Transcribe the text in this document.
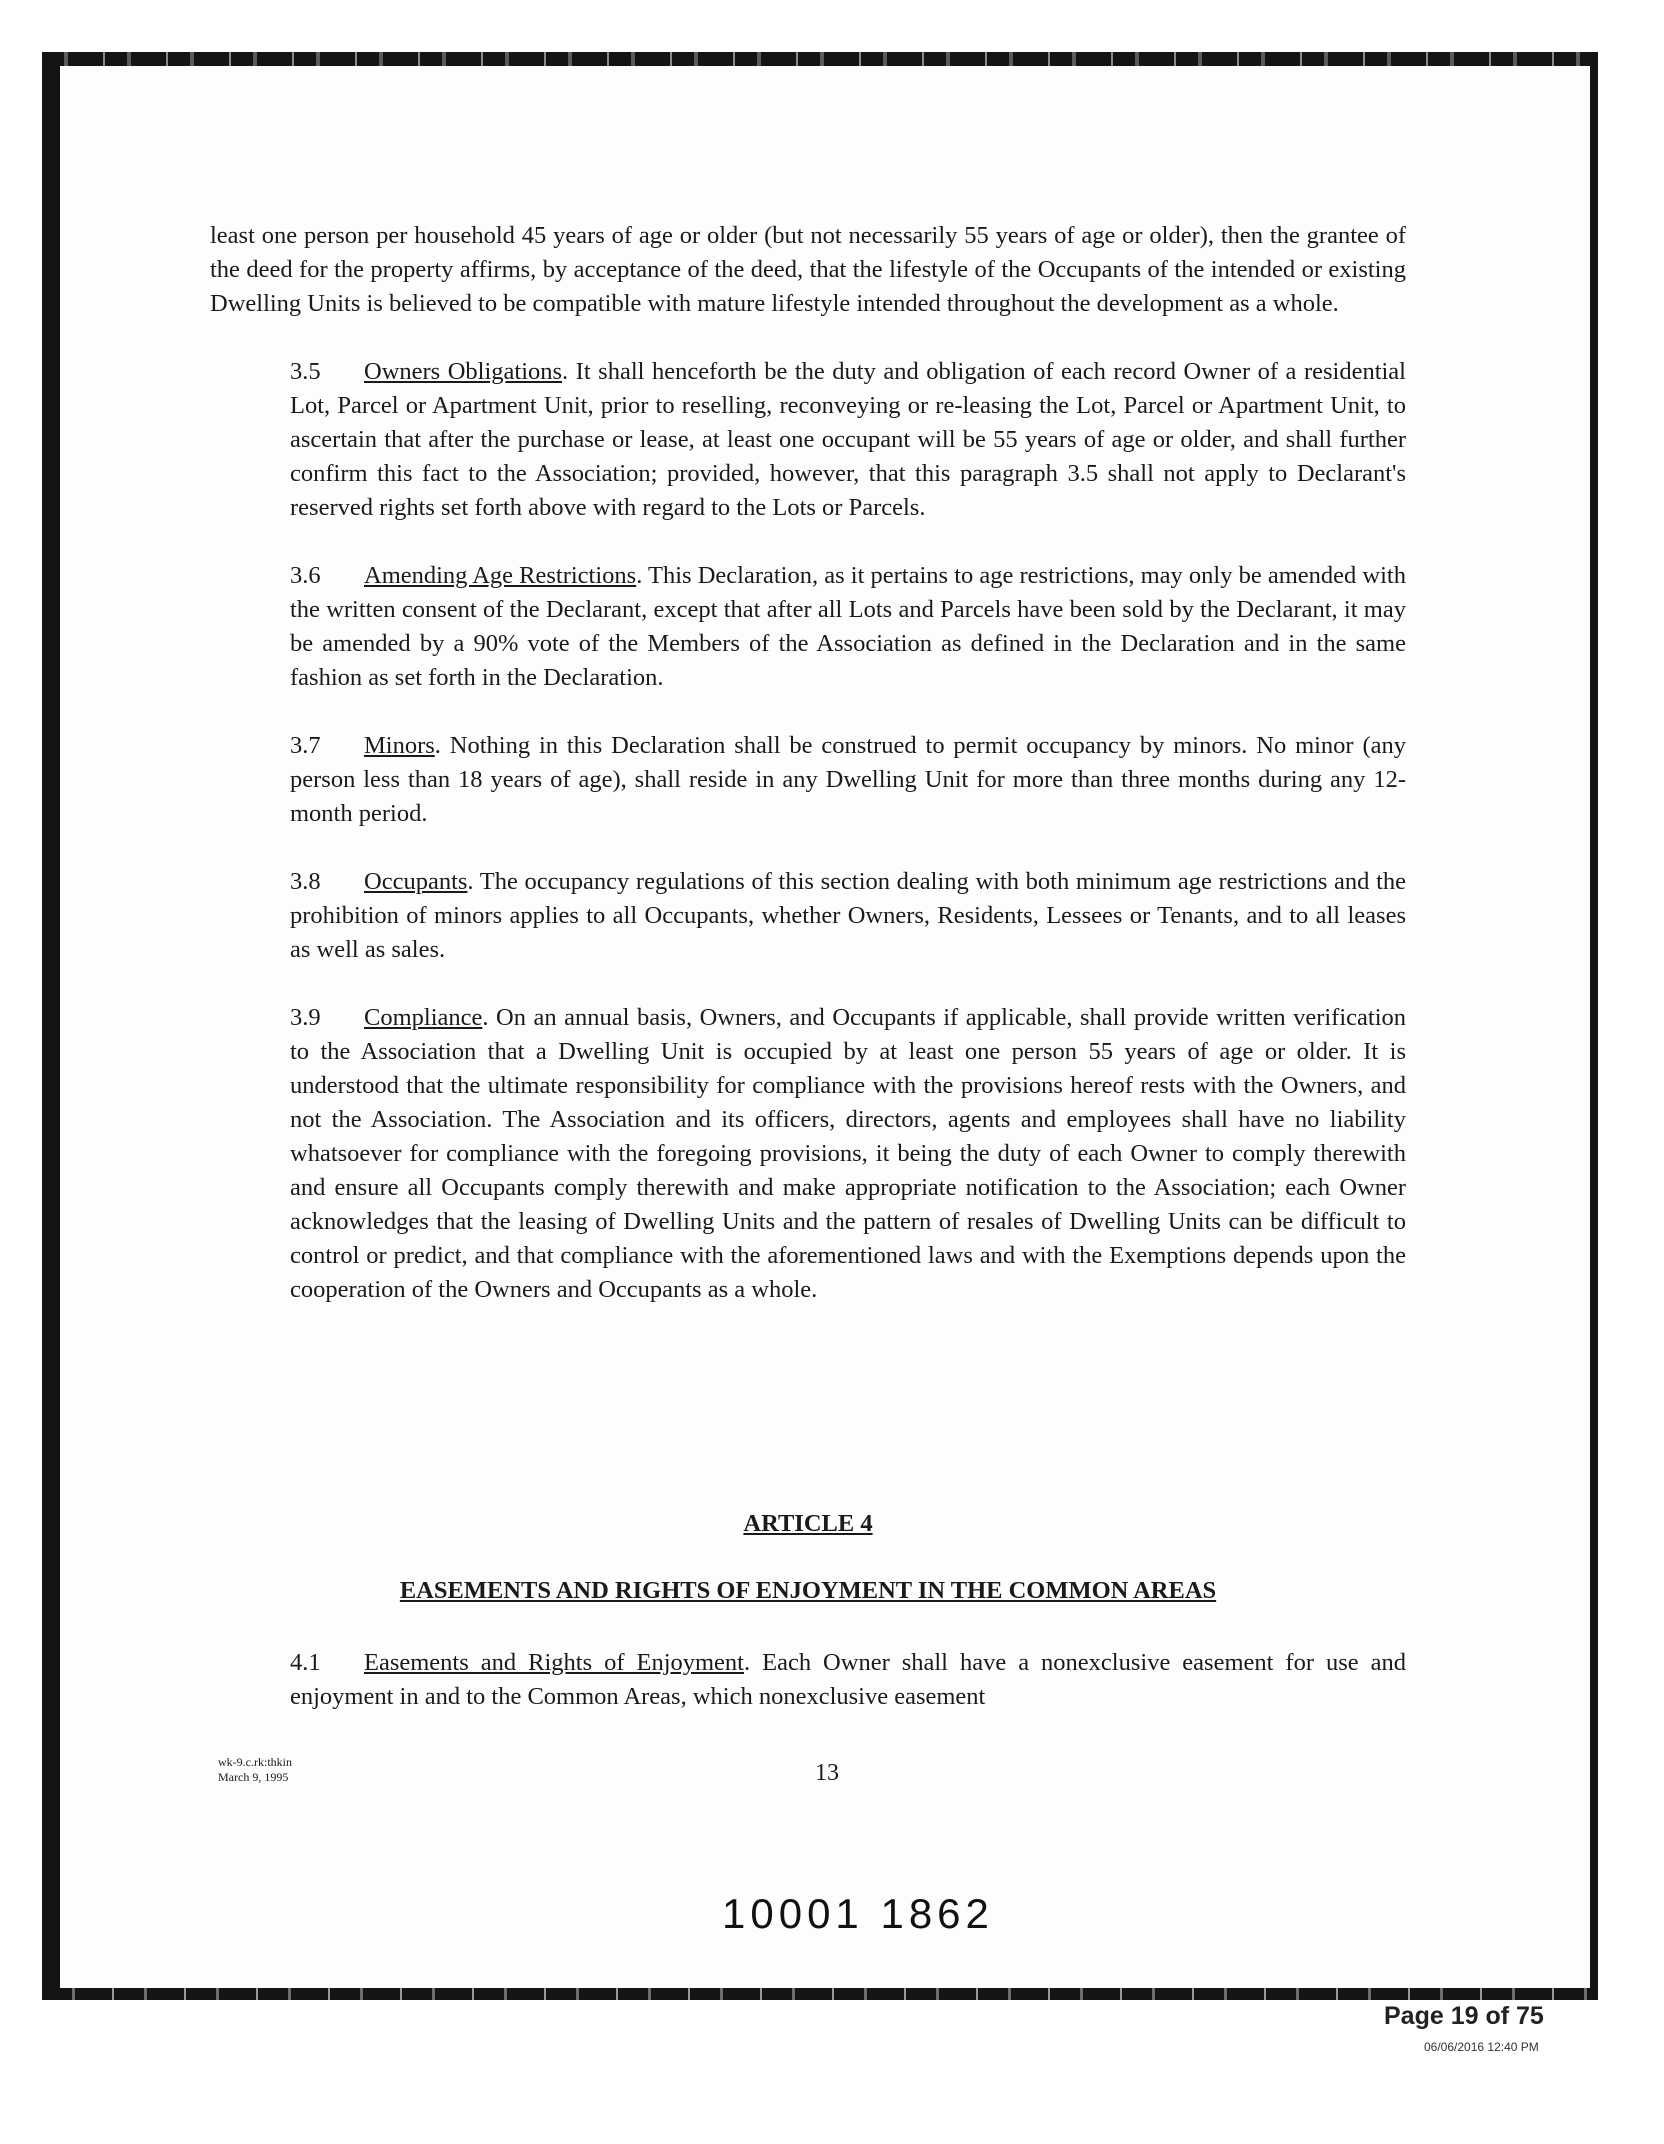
least one person per household 45 years of age or older (but not necessarily 55 years of age or older), then the grantee of the deed for the property affirms, by acceptance of the deed, that the lifestyle of the Occupants of the intended or existing Dwelling Units is believed to be compatible with mature lifestyle intended throughout the development as a whole.

3.5 Owners Obligations. It shall henceforth be the duty and obligation of each record Owner of a residential Lot, Parcel or Apartment Unit, prior to reselling, reconveying or re-leasing the Lot, Parcel or Apartment Unit, to ascertain that after the purchase or lease, at least one occupant will be 55 years of age or older, and shall further confirm this fact to the Association; provided, however, that this paragraph 3.5 shall not apply to Declarant's reserved rights set forth above with regard to the Lots or Parcels.

3.6 Amending Age Restrictions. This Declaration, as it pertains to age restrictions, may only be amended with the written consent of the Declarant, except that after all Lots and Parcels have been sold by the Declarant, it may be amended by a 90% vote of the Members of the Association as defined in the Declaration and in the same fashion as set forth in the Declaration.

3.7 Minors. Nothing in this Declaration shall be construed to permit occupancy by minors. No minor (any person less than 18 years of age), shall reside in any Dwelling Unit for more than three months during any 12-month period.

3.8 Occupants. The occupancy regulations of this section dealing with both minimum age restrictions and the prohibition of minors applies to all Occupants, whether Owners, Residents, Lessees or Tenants, and to all leases as well as sales.

3.9 Compliance. On an annual basis, Owners, and Occupants if applicable, shall provide written verification to the Association that a Dwelling Unit is occupied by at least one person 55 years of age or older. It is understood that the ultimate responsibility for compliance with the provisions hereof rests with the Owners, and not the Association. The Association and its officers, directors, agents and employees shall have no liability whatsoever for compliance with the foregoing provisions, it being the duty of each Owner to comply therewith and ensure all Occupants comply therewith and make appropriate notification to the Association; each Owner acknowledges that the leasing of Dwelling Units and the pattern of resales of Dwelling Units can be difficult to control or predict, and that compliance with the aforementioned laws and with the Exemptions depends upon the cooperation of the Owners and Occupants as a whole.

ARTICLE 4
EASEMENTS AND RIGHTS OF ENJOYMENT IN THE COMMON AREAS

4.1 Easements and Rights of Enjoyment. Each Owner shall have a nonexclusive easement for use and enjoyment in and to the Common Areas, which nonexclusive easement

wk-9.c.rk:thkin
March 9, 1995	13
10001 1862
Page 19 of 75
06/06/2016 12:40 PM
